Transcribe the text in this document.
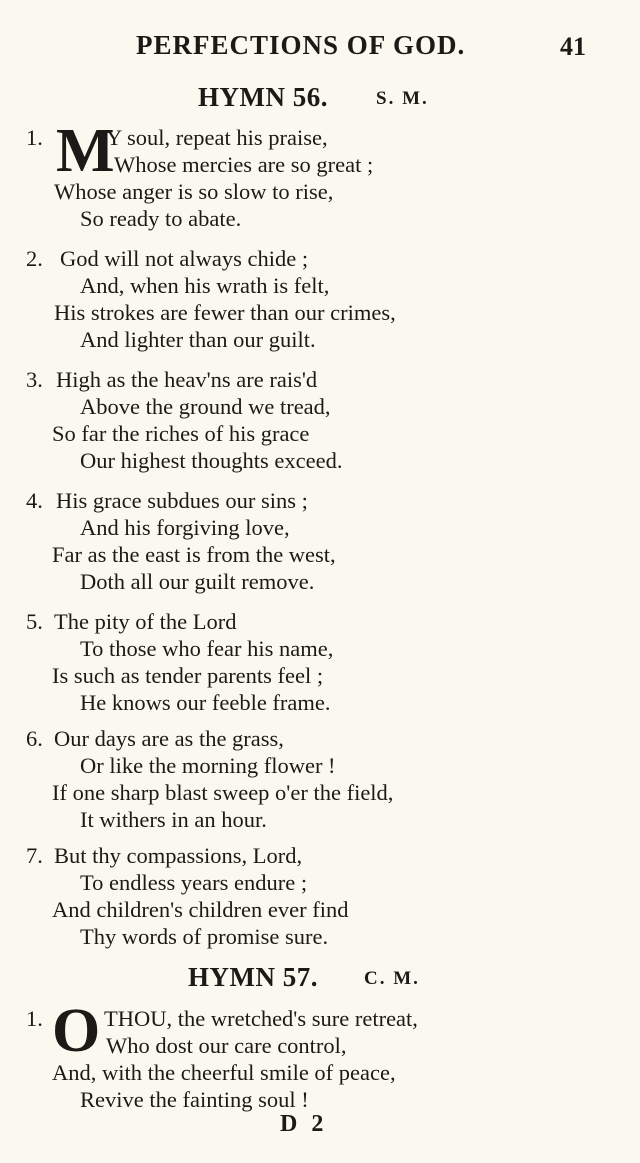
PERFECTIONS OF GOD.	41
HYMN 56.	S. M.
1. M
Y soul, repeat his praise,
Whose mercies are so great ;
Whose anger is so slow to rise,
So ready to abate.
2. God will not always chide ;
And, when his wrath is felt,
His strokes are fewer than our crimes,
And lighter than our guilt.
3. High as the heav'ns are rais'd
Above the ground we tread,
So far the riches of his grace
Our highest thoughts exceed.
4. His grace subdues our sins ;
And his forgiving love,
Far as the east is from the west,
Doth all our guilt remove.
5. The pity of the Lord
To those who fear his name,
Is such as tender parents feel ;
He knows our feeble frame.
6. Our days are as the grass,
Or like the morning flower !
If one sharp blast sweep o'er the field,
It withers in an hour.
7. But thy compassions, Lord,
To endless years endure ;
And children's children ever find
Thy words of promise sure.
HYMN 57. C. M.
1. O THOU, the wretched's sure retreat,
Who dost our care control,
And, with the cheerful smile of peace,
Revive the fainting soul !
D 2
